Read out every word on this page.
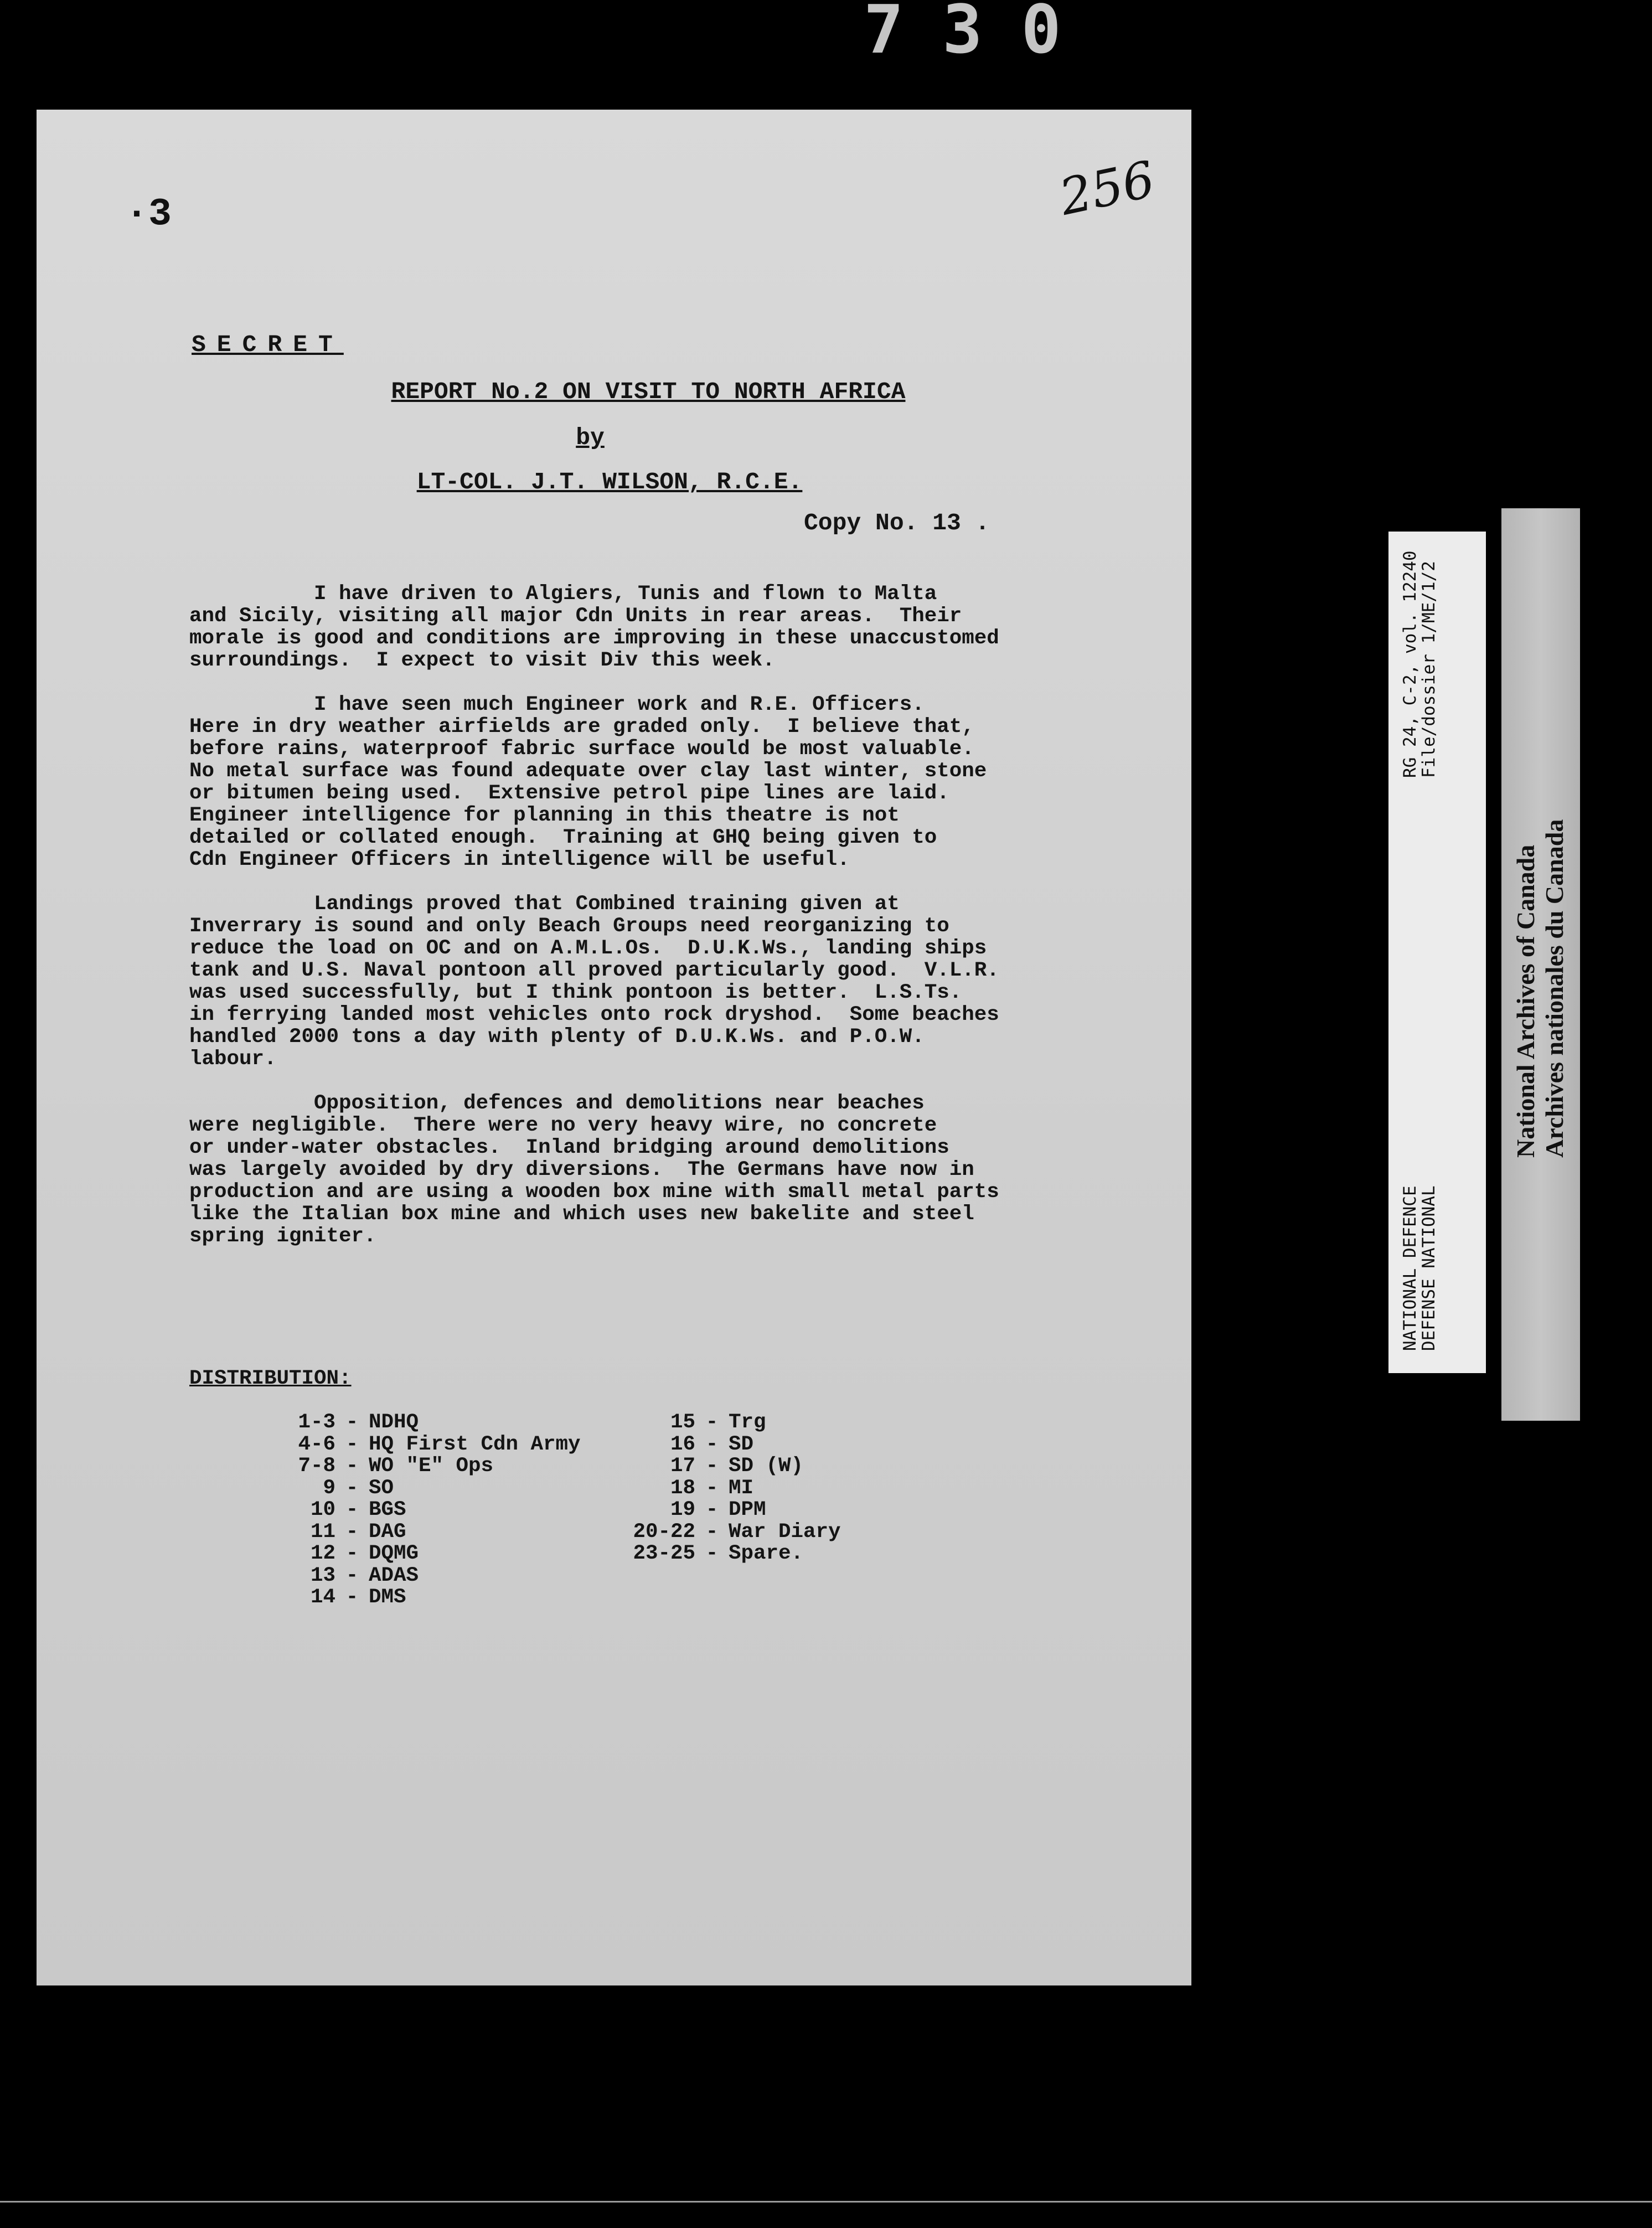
730
·3	256
SECRET
REPORT No.2 ON VISIT TO NORTH AFRICA
by
LT-COL. J.T. WILSON, R.C.E.
Copy No. 13 .
I have driven to Algiers, Tunis and flown to Malta
and Sicily, visiting all major Cdn Units in rear areas.  Their
morale is good and conditions are improving in these unaccustomed
surroundings.  I expect to visit Div this week.
I have seen much Engineer work and R.E. Officers.
Here in dry weather airfields are graded only.  I believe that,
before rains, waterproof fabric surface would be most valuable.
No metal surface was found adequate over clay last winter, stone
or bitumen being used.  Extensive petrol pipe lines are laid.
Engineer intelligence for planning in this theatre is not
detailed or collated enough.  Training at GHQ being given to
Cdn Engineer Officers in intelligence will be useful.
Landings proved that Combined training given at
Inverrary is sound and only Beach Groups need reorganizing to
reduce the load on OC and on A.M.L.Os.  D.U.K.Ws., landing ships
tank and U.S. Naval pontoon all proved particularly good.  V.L.R.
was used successfully, but I think pontoon is better.  L.S.Ts.
in ferrying landed most vehicles onto rock dryshod.  Some beaches
handled 2000 tons a day with plenty of D.U.K.Ws. and P.O.W.
labour.
Opposition, defences and demolitions near beaches
were negligible.  There were no very heavy wire, no concrete
or under-water obstacles.  Inland bridging around demolitions
was largely avoided by dry diversions.  The Germans have now in
production and are using a wooden box mine with small metal parts
like the Italian box mine and which uses new bakelite and steel
spring igniter.
DISTRIBUTION:
1-3 - NDHQ
4-6 - HQ First Cdn Army
7-8 - WO "E" Ops
9 - SO
10 - BGS
11 - DAG
12 - DQMG
13 - ADAS
14 - DMS
15 - Trg
16 - SD
17 - SD (W)
18 - MI
19 - DPM
20-22 - War Diary
23-25 - Spare.
NATIONAL DEFENCE
DEFENSE NATIONAL
RG 24, C-2, vol. 12240
File/dossier 1/ME/1/2
National Archives of Canada
Archives nationales du Canada
